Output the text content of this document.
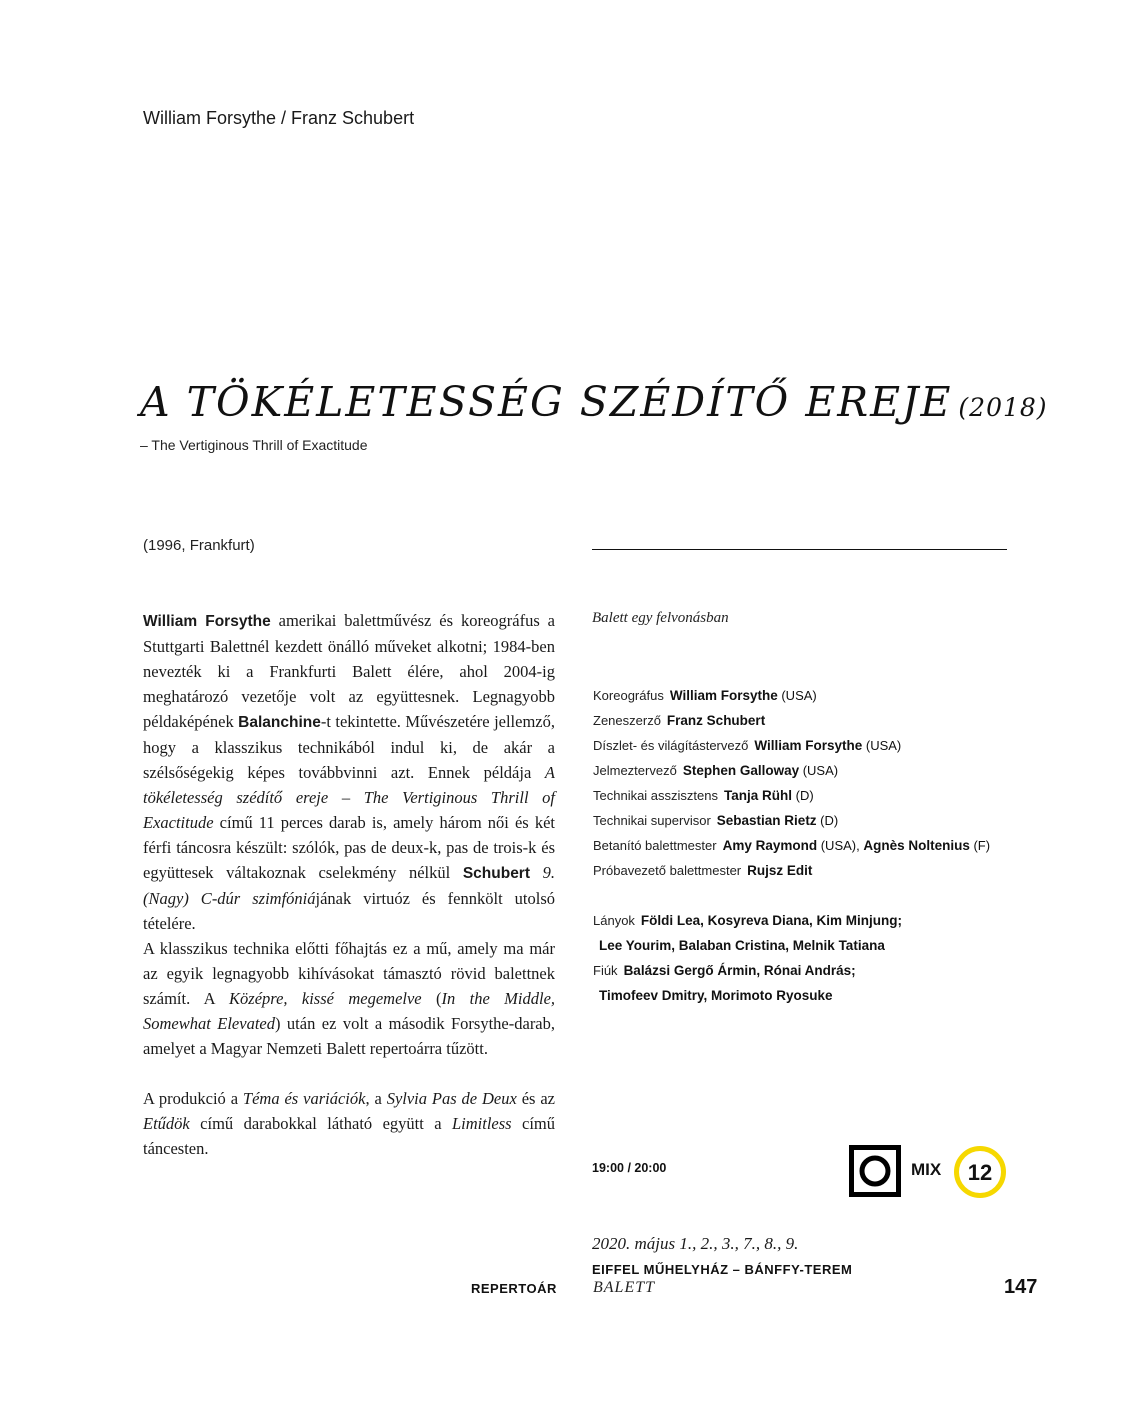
William Forsythe / Franz Schubert
A TÖKÉLETESSÉG SZÉDÍTŐ EREJE (2018)
– The Vertiginous Thrill of Exactitude
(1996, Frankfurt)

William Forsythe amerikai balettművész és koreográfus a Stuttgarti Balettnél kezdett önálló műveket alkotni; 1984-ben nevezték ki a Frankfurti Balett élére, ahol 2004-ig meghatározó vezetője volt az együttesnek. Legnagyobb példaképének Balanchine-t tekintette. Művészetére jellemző, hogy a klasszikus technikából indul ki, de akár a szélsőségekig képes továbbvinni azt. Ennek példája A tökéletesség szédítő ereje – The Vertiginous Thrill of Exactitude című 11 perces darab is, amely három női és két férfi táncosra készült: szólók, pas de deux-k, pas de trois-k és együttesek váltakoznak cselekmény nélkül Schubert 9. (Nagy) C-dúr szimfóniájának virtuóz és fennkölt utolsó tételére.

A klasszikus technika előtti főhajtás ez a mű, amely ma már az egyik legnagyobb kihívásokat támasztó rövid balettnek számít. A Középre, kissé megemelve (In the Middle, Somewhat Elevated) után ez volt a második Forsythe-darab, amelyet a Magyar Nemzeti Balett repertoárra tűzött.

A produkció a Téma és variációk, a Sylvia Pas de Deux és az Etűdök című darabokkal látható együtt a Limitless című táncesten.

Balett egy felvonásban
Koreográfus William Forsythe (USA)
Zeneszerző Franz Schubert
Díszlet- és világítástervező William Forsythe (USA)
Jelmeztervező Stephen Galloway (USA)
Technikai asszisztens Tanja Rühl (D)
Technikai supervisor Sebastian Rietz (D)
Betanító balettmester Amy Raymond (USA), Agnès Noltenius (F)
Próbavezető balettmester Rujsz Edit
Lányok Földi Lea, Kosyreva Diana, Kim Minjung;
Lee Yourim, Balaban Cristina, Melnik Tatiana
Fiúk Balázsi Gergő Ármin, Rónai András;
Timofeev Dmitry, Morimoto Ryosuke
19:00 / 20:00	MIX 12
2020. május 1., 2., 3., 7., 8., 9.
EIFFEL MŰHELYHÁZ – BÁNFFY-TEREM
REPERTOÁR BALETT	147
